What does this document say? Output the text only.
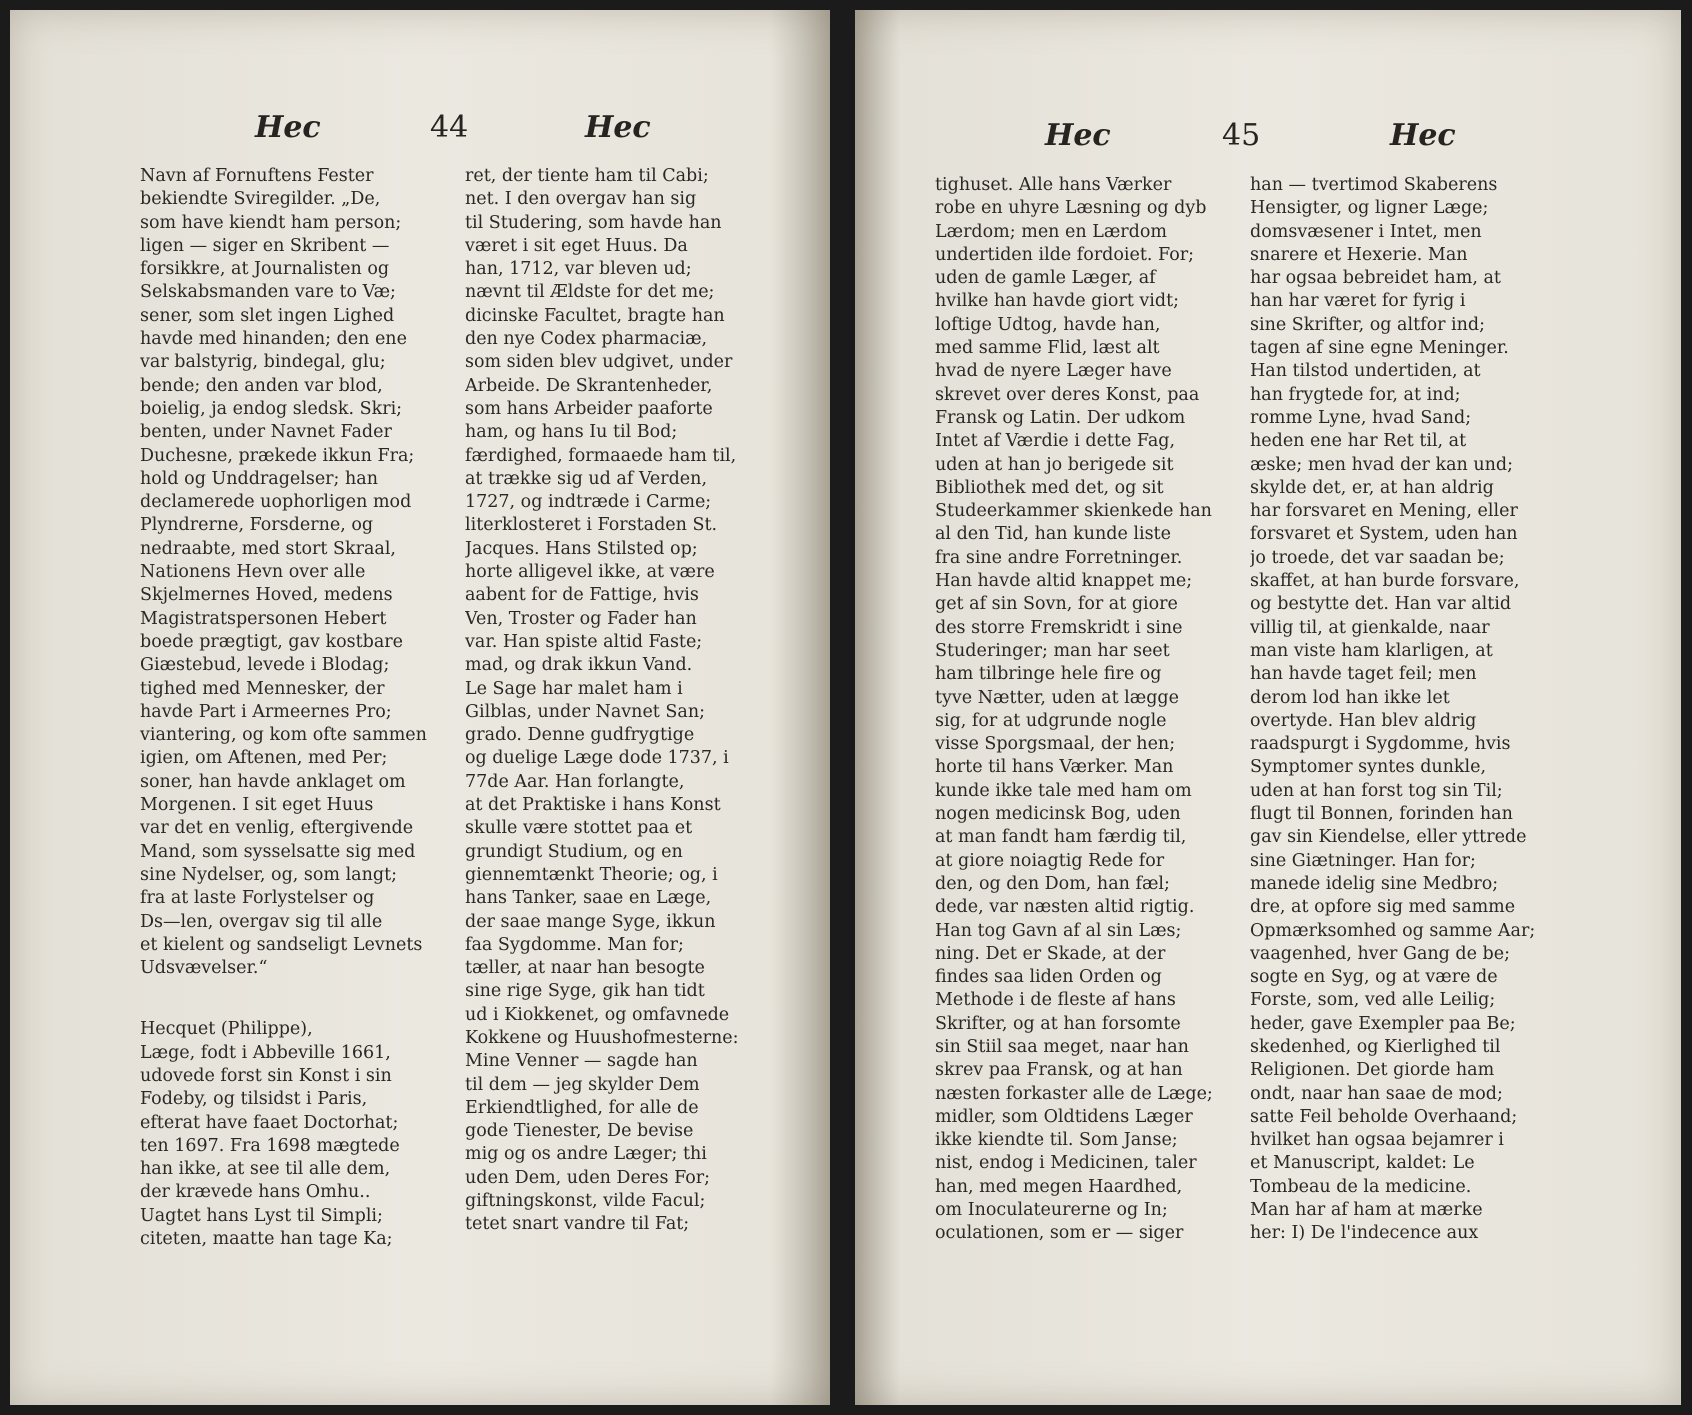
Hec	44	Hec
Navn af Fornuftens Fester
bekiendte Sviregilder. „De,
som have kiendt ham person;
ligen — siger en Skribent —
forsikkre, at Journalisten og
Selskabsmanden vare to Væ;
sener, som slet ingen Lighed
havde med hinanden; den ene
var balstyrig, bindegal, glu;
bende; den anden var blod,
boielig, ja endog sledsk. Skri;
benten, under Navnet Fader
Duchesne, prækede ikkun Fra;
hold og Unddragelser; han
declamerede uophorligen mod
Plyndrerne, Forsderne, og
nedraabte, med stort Skraal,
Nationens Hevn over alle
Skjelmernes Hoved, medens
Magistratspersonen Hebert
boede prægtigt, gav kostbare
Giæstebud, levede i Blodag;
tighed med Mennesker, der
havde Part i Armeernes Pro;
viantering, og kom ofte sammen
igien, om Aftenen, med Per;
soner, han havde anklaget om
Morgenen. I sit eget Huus
var det en venlig, eftergivende
Mand, som sysselsatte sig med
sine Nydelser, og, som langt;
fra at laste Forlystelser og
Ds—len, overgav sig til alle
et kielent og sandseligt Levnets
Udsvævelser.“
Hecquet (Philippe),
Læge, fodt i Abbeville 1661,
udovede forst sin Konst i sin
Fodeby, og tilsidst i Paris,
efterat have faaet Doctorhat;
ten 1697. Fra 1698 mægtede
han ikke, at see til alle dem,
der krævede hans Omhu..
Uagtet hans Lyst til Simpli;
citeten, maatte han tage Ka;
ret, der tiente ham til Cabi;
net. I den overgav han sig
til Studering, som havde han
været i sit eget Huus. Da
han, 1712, var bleven ud;
nævnt til Ældste for det me;
dicinske Facultet, bragte han
den nye Codex pharmaciæ,
som siden blev udgivet, under
Arbeide. De Skrantenheder,
som hans Arbeider paaforte
ham, og hans Iu til Bod;
færdighed, formaaede ham til,
at trække sig ud af Verden,
1727, og indtræde i Carme;
literklosteret i Forstaden St.
Jacques. Hans Stilsted op;
horte alligevel ikke, at være
aabent for de Fattige, hvis
Ven, Troster og Fader han
var. Han spiste altid Faste;
mad, og drak ikkun Vand.
Le Sage har malet ham i
Gilblas, under Navnet San;
grado. Denne gudfrygtige
og duelige Læge dode 1737, i
77de Aar. Han forlangte,
at det Praktiske i hans Konst
skulle være stottet paa et
grundigt Studium, og en
giennemtænkt Theorie; og, i
hans Tanker, saae en Læge,
der saae mange Syge, ikkun
faa Sygdomme. Man for;
tæller, at naar han besogte
sine rige Syge, gik han tidt
ud i Kiokkenet, og omfavnede
Kokkene og Huushofmesterne:
Mine Venner — sagde han
til dem — jeg skylder Dem
Erkiendtlighed, for alle de
gode Tienester, De bevise
mig og os andre Læger; thi
uden Dem, uden Deres For;
giftningskonst, vilde Facul;
tetet snart vandre til Fat;
Hec	45	Hec
tighuset. Alle hans Værker
robe en uhyre Læsning og dyb
Lærdom; men en Lærdom
undertiden ilde fordoiet. For;
uden de gamle Læger, af
hvilke han havde giort vidt;
loftige Udtog, havde han,
med samme Flid, læst alt
hvad de nyere Læger have
skrevet over deres Konst, paa
Fransk og Latin. Der udkom
Intet af Værdie i dette Fag,
uden at han jo berigede sit
Bibliothek med det, og sit
Studeerkammer skienkede han
al den Tid, han kunde liste
fra sine andre Forretninger.
Han havde altid knappet me;
get af sin Sovn, for at giore
des storre Fremskridt i sine
Studeringer; man har seet
ham tilbringe hele fire og
tyve Nætter, uden at lægge
sig, for at udgrunde nogle
visse Sporgsmaal, der hen;
horte til hans Værker. Man
kunde ikke tale med ham om
nogen medicinsk Bog, uden
at man fandt ham færdig til,
at giore noiagtig Rede for
den, og den Dom, han fæl;
dede, var næsten altid rigtig.
Han tog Gavn af al sin Læs;
ning. Det er Skade, at der
findes saa liden Orden og
Methode i de fleste af hans
Skrifter, og at han forsomte
sin Stiil saa meget, naar han
skrev paa Fransk, og at han
næsten forkaster alle de Læge;
midler, som Oldtidens Læger
ikke kiendte til. Som Janse;
nist, endog i Medicinen, taler
han, med megen Haardhed,
om Inoculateurerne og In;
oculationen, som er — siger
han — tvertimod Skaberens
Hensigter, og ligner Læge;
domsvæsener i Intet, men
snarere et Hexerie. Man
har ogsaa bebreidet ham, at
han har været for fyrig i
sine Skrifter, og altfor ind;
tagen af sine egne Meninger.
Han tilstod undertiden, at
han frygtede for, at ind;
romme Lyne, hvad Sand;
heden ene har Ret til, at
æske; men hvad der kan und;
skylde det, er, at han aldrig
har forsvaret en Mening, eller
forsvaret et System, uden han
jo troede, det var saadan be;
skaffet, at han burde forsvare,
og bestytte det. Han var altid
villig til, at gienkalde, naar
man viste ham klarligen, at
han havde taget feil; men
derom lod han ikke let
overtyde. Han blev aldrig
raadspurgt i Sygdomme, hvis
Symptomer syntes dunkle,
uden at han forst tog sin Til;
flugt til Bonnen, forinden han
gav sin Kiendelse, eller yttrede
sine Giætninger. Han for;
manede idelig sine Medbro;
dre, at opfore sig med samme
Opmærksomhed og samme Aar;
vaagenhed, hver Gang de be;
sogte en Syg, og at være de
Forste, som, ved alle Leilig;
heder, gave Exempler paa Be;
skedenhed, og Kierlighed til
Religionen. Det giorde ham
ondt, naar han saae de mod;
satte Feil beholde Overhaand;
hvilket han ogsaa bejamrer i
et Manuscript, kaldet: Le
Tombeau de la medicine.
Man har af ham at mærke
her: I) De l'indecence aux
